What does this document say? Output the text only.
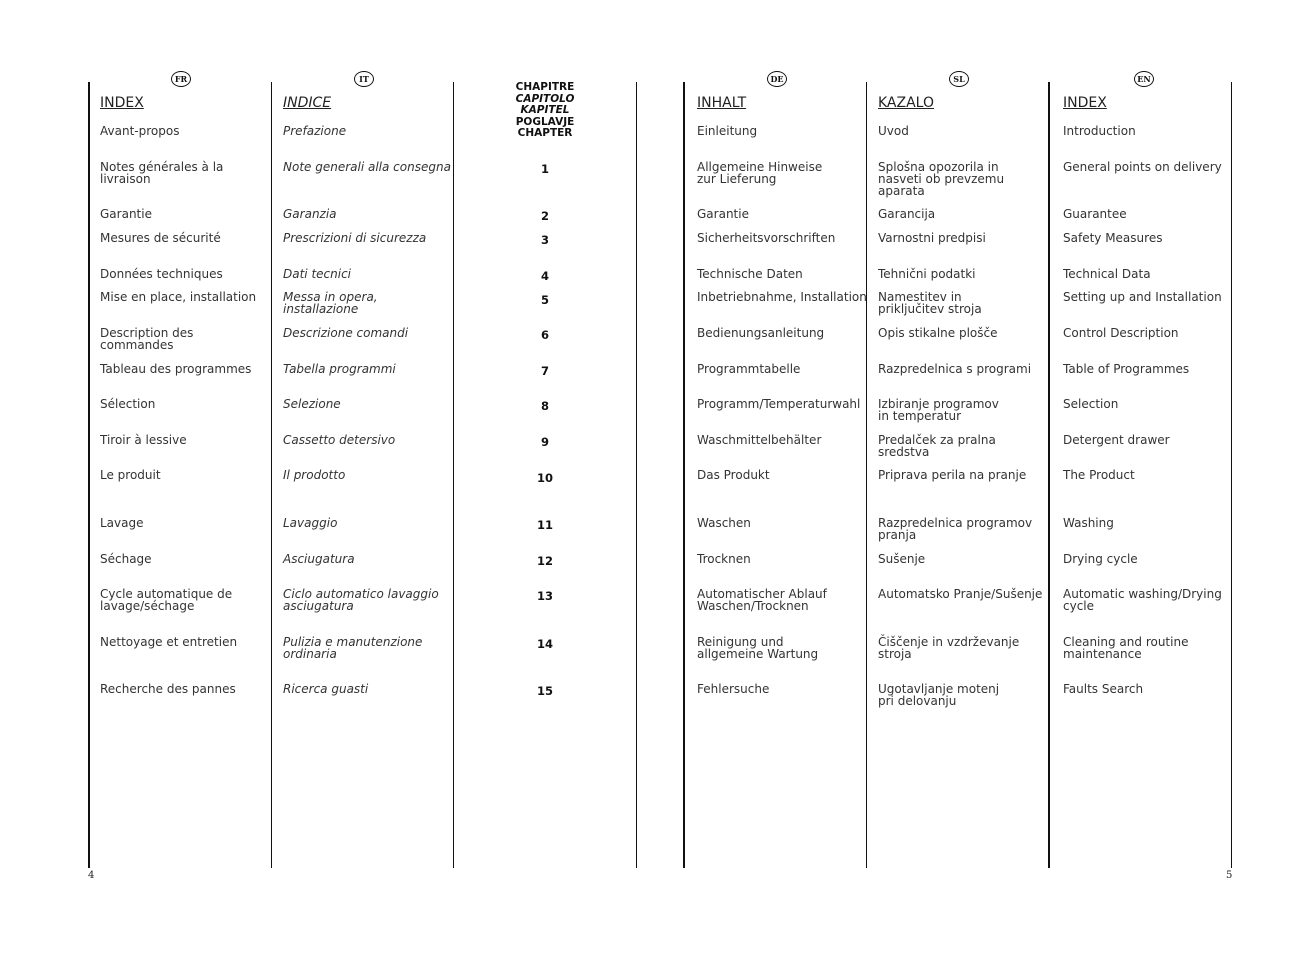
FR
INDEX
Avant-propos
Notes générales à la livraison
Garantie
Mesures de sécurité
Données techniques
Mise en place, installation
Description des commandes
Tableau des programmes
Sélection
Tiroir à lessive
Le produit
Lavage
Séchage
Cycle automatique de lavage/séchage
Nettoyage et entretien
Recherche des pannes
IT
INDICE
Prefazione
Note generali alla consegna
Garanzia
Prescrizioni di sicurezza
Dati tecnici
Messa in opera, installazione
Descrizione comandi
Tabella programmi
Selezione
Cassetto detersivo
Il prodotto
Lavaggio
Asciugatura
Ciclo automatico lavaggio asciugatura
Pulizia e manutenzione ordinaria
Ricerca guasti
CHAPITRE
CAPITOLO
KAPITEL
POGLAVJE
CHAPTER
1
2
3
4
5
6
7
8
9
10
11
12
13
14
15
DE
INHALT
Einleitung
Allgemeine Hinweise zur Lieferung
Garantie
Sicherheitsvorschriften
Technische Daten
Inbetriebnahme, Installation
Bedienungsanleitung
Programmtabelle
Programm/Temperaturwahl
Waschmittelbehälter
Das Produkt
Waschen
Trocknen
Automatischer Ablauf Waschen/Trocknen
Reinigung und allgemeine Wartung
Fehlersuche
SL
KAZALO
Uvod
Splošna opozorila in nasveti ob prevzemu aparata
Garancija
Varnostni predpisi
Tehnični podatki
Namestitev in priključitev stroja
Opis stikalne plošče
Razpredelnica s programi
Izbiranje programov in temperatur
Predalček za pralna sredstva
Priprava perila na pranje
Razpredelnica programov pranja
Sušenje
Automatsko Pranje/Sušenje
Čiščenje in vzdrževanje stroja
Ugotavljanje motenj pri delovanju
EN
INDEX
Introduction
General points on delivery
Guarantee
Safety Measures
Technical Data
Setting up and Installation
Control Description
Table of Programmes
Selection
Detergent drawer
The Product
Washing
Drying cycle
Automatic washing/Drying cycle
Cleaning and routine maintenance
Faults Search
4	5
